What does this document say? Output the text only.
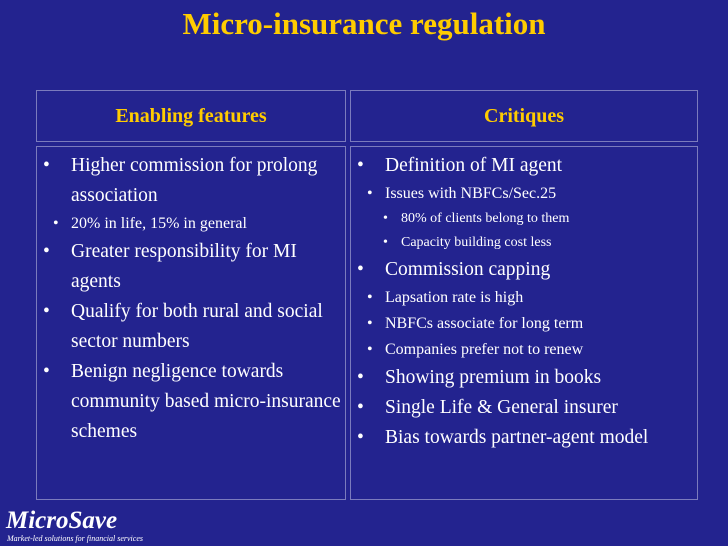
Micro-insurance regulation
Enabling features	Critiques
• Higher commission for prolong association
• 20% in life, 15% in general
• Greater responsibility for MI agents
• Qualify for both rural and social sector numbers
• Benign negligence towards community based micro-insurance schemes
• Definition of MI agent
• Issues with NBFCs/Sec.25
• 80% of clients belong to them
• Capacity building cost less
• Commission capping
• Lapsation rate is high
• NBFCs associate for long term
• Companies prefer not to renew
• Showing premium in books
• Single Life & General insurer
• Bias towards partner-agent model
MicroSave
Market-led solutions for financial services
